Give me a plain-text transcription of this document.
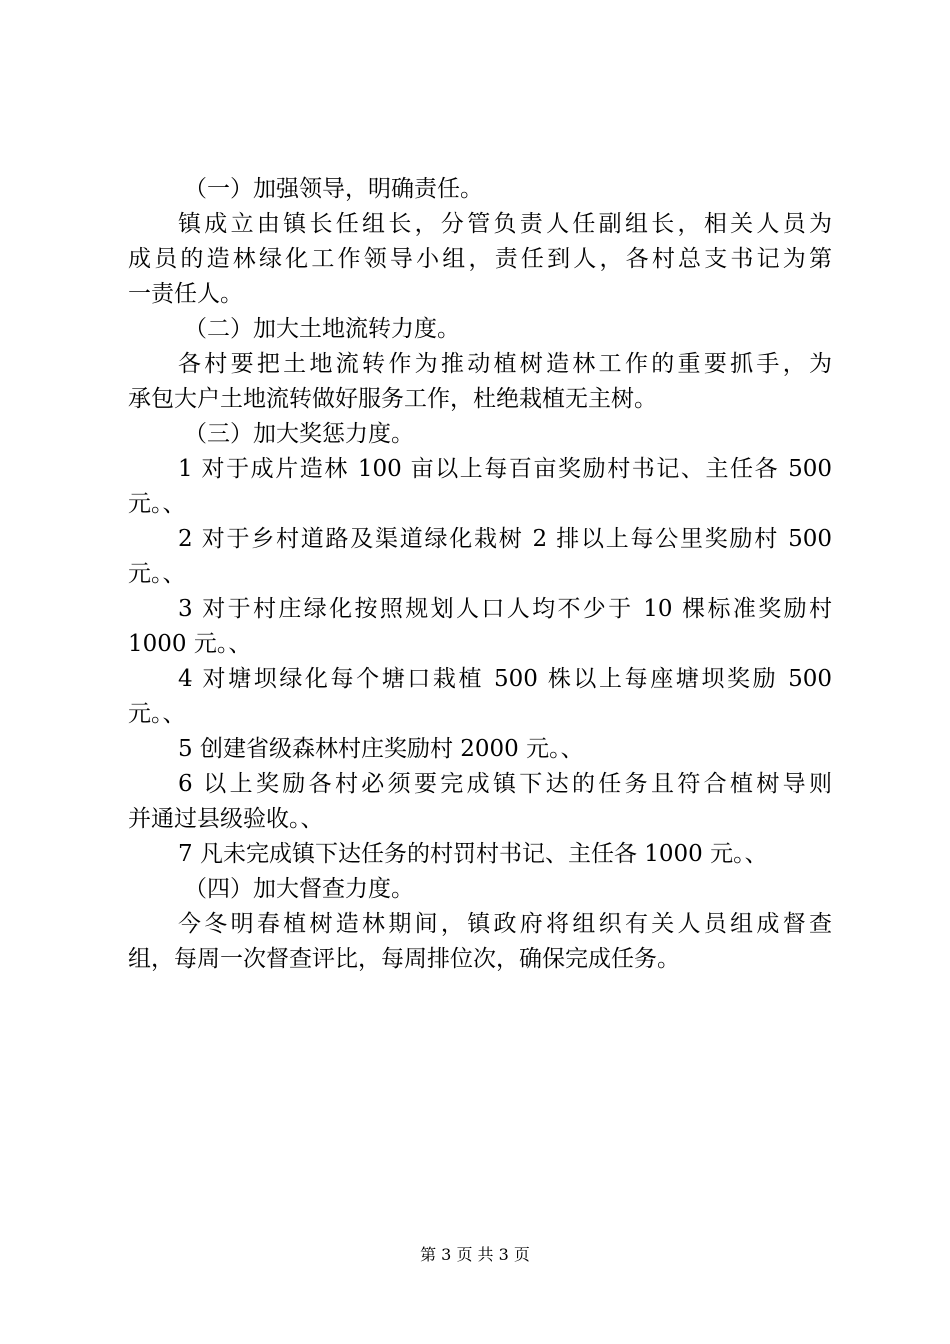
（一）加强领导，明确责任。
镇成立由镇长任组长，分管负责人任副组长，相关人员为
成员的造林绿化工作领导小组，责任到人，各村总支书记为第
一责任人。
（二）加大土地流转力度。
各村要把土地流转作为推动植树造林工作的重要抓手，为
承包大户土地流转做好服务工作，杜绝栽植无主树。
（三）加大奖惩力度。
1 对于成片造林 100 亩以上每百亩奖励村书记、主任各 500
元。、
2 对于乡村道路及渠道绿化栽树 2 排以上每公里奖励村 500
元。、
3 对于村庄绿化按照规划人口人均不少于 10 棵标准奖励村
1000 元。、
4 对塘坝绿化每个塘口栽植 500 株以上每座塘坝奖励 500
元。、
5 创建省级森林村庄奖励村 2000 元。、
6 以上奖励各村必须要完成镇下达的任务且符合植树导则
并通过县级验收。、
7 凡未完成镇下达任务的村罚村书记、主任各 1000 元。、
（四）加大督查力度。
今冬明春植树造林期间，镇政府将组织有关人员组成督查
组，每周一次督查评比，每周排位次，确保完成任务。
第 3 页 共 3 页
